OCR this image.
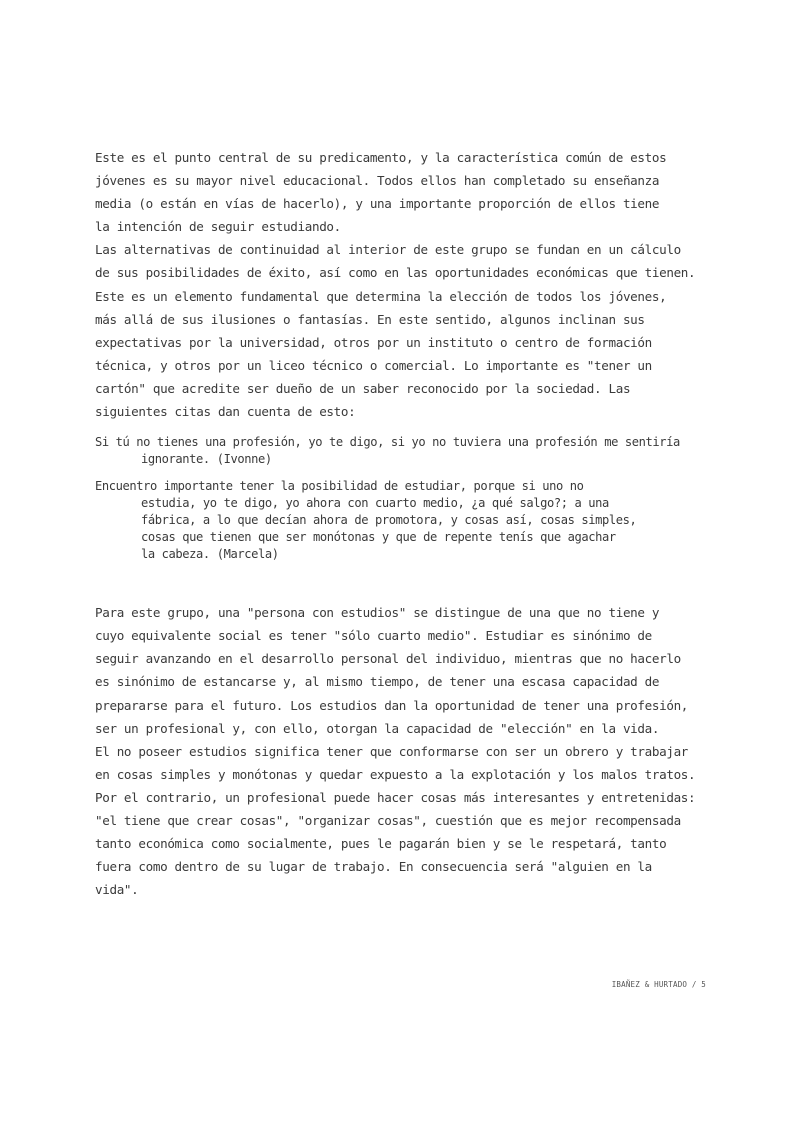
Este es el punto central de su predicamento, y la característica común de estos
jóvenes es su mayor nivel educacional. Todos ellos han completado su enseñanza
media (o están en vías de hacerlo), y una importante proporción de ellos tiene
la intención de seguir estudiando.

Las alternativas de continuidad al interior de este grupo se fundan en un cálculo
de sus posibilidades de éxito, así como en las oportunidades económicas que tienen.
Este es un elemento fundamental que determina la elección de todos los jóvenes,
más allá de sus ilusiones o fantasías. En este sentido, algunos inclinan sus
expectativas por la universidad, otros por un instituto o centro de formación
técnica, y otros por un liceo técnico o comercial. Lo importante es "tener un
cartón" que acredite ser dueño de un saber reconocido por la sociedad. Las
siguientes citas dan cuenta de esto:

Si tú no tienes una profesión, yo te digo, si yo no tuviera una profesión me sentiría
ignorante. (Ivonne)

Encuentro importante tener la posibilidad de estudiar, porque si uno no
estudia, yo te digo, yo ahora con cuarto medio, ¿a qué salgo?; a una
fábrica, a lo que decían ahora de promotora, y cosas así, cosas simples,
cosas que tienen que ser monótonas y que de repente tenís que agachar
la cabeza. (Marcela)

Para este grupo, una "persona con estudios" se distingue de una que no tiene y
cuyo equivalente social es tener "sólo cuarto medio". Estudiar es sinónimo de
seguir avanzando en el desarrollo personal del individuo, mientras que no hacerlo
es sinónimo de estancarse y, al mismo tiempo, de tener una escasa capacidad de
prepararse para el futuro. Los estudios dan la oportunidad de tener una profesión,
ser un profesional y, con ello, otorgan la capacidad de "elección" en la vida.
El no poseer estudios significa tener que conformarse con ser un obrero y trabajar
en cosas simples y monótonas y quedar expuesto a la explotación y los malos tratos.
Por el contrario, un profesional puede hacer cosas más interesantes y entretenidas:
"el tiene que crear cosas", "organizar cosas", cuestión que es mejor recompensada
tanto económica como socialmente, pues le pagarán bien y se le respetará, tanto
fuera como dentro de su lugar de trabajo. En consecuencia será "alguien en la
vida".

IBAÑEZ & HURTADO / 5
